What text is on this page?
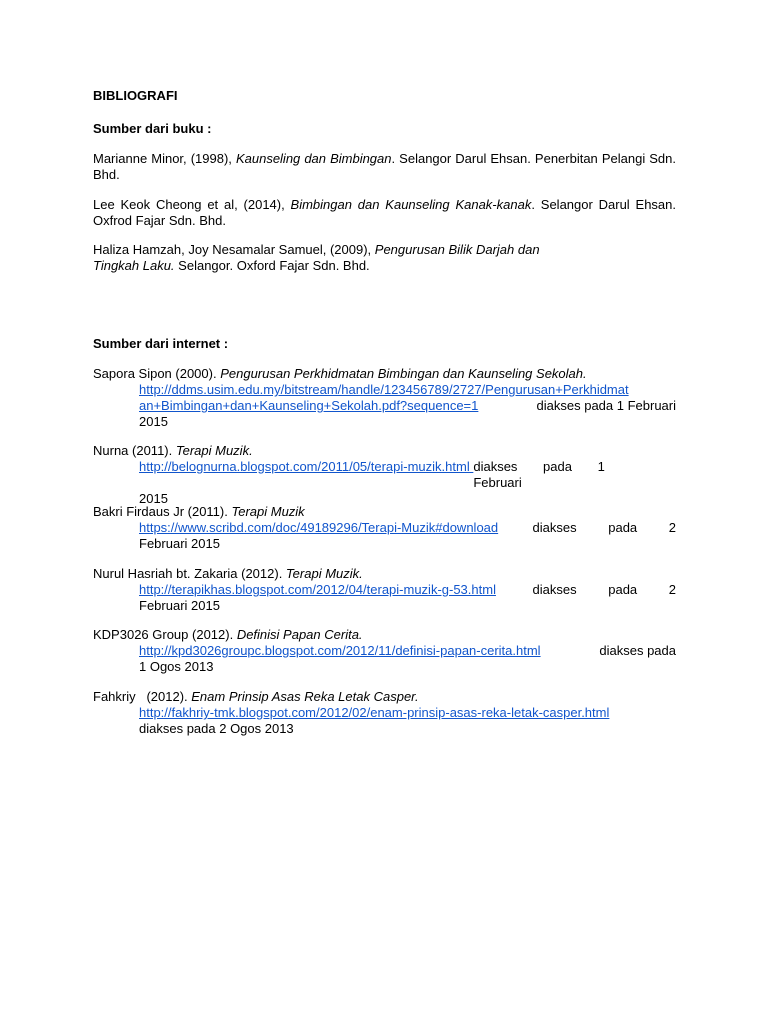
BIBLIOGRAFI
Sumber dari buku :
Marianne Minor, (1998), Kaunseling dan Bimbingan. Selangor Darul Ehsan. Penerbitan Pelangi Sdn. Bhd.
Lee Keok Cheong et al, (2014), Bimbingan dan Kaunseling Kanak-kanak. Selangor Darul Ehsan. Oxfrod Fajar Sdn. Bhd.
Haliza Hamzah, Joy Nesamalar Samuel, (2009), Pengurusan Bilik Darjah dan
Tingkah Laku. Selangor. Oxford Fajar Sdn. Bhd.
Sumber dari internet :
Sapora Sipon (2000). Pengurusan Perkhidmatan Bimbingan dan Kaunseling Sekolah.
http://ddms.usim.edu.my/bitstream/handle/123456789/2727/Pengurusan+Perkhidmat
an+Bimbingan+dan+Kaunseling+Sekolah.pdf?sequence=1	diakses pada 1 Februari
2015
Nurna (2011). Terapi Muzik.
http://belognurna.blogspot.com/2011/05/terapi-muzik.html diakses pada 1 Februari
2015
Bakri Firdaus Jr (2011). Terapi Muzik
https://www.scribd.com/doc/49189296/Terapi-Muzik#download	diakses pada 2
Februari 2015
Nurul Hasriah bt. Zakaria (2012). Terapi Muzik.
http://terapikhas.blogspot.com/2012/04/terapi-muzik-g-53.html	diakses pada 2
Februari 2015
KDP3026 Group (2012). Definisi Papan Cerita.
http://kpd3026groupc.blogspot.com/2012/11/definisi-papan-cerita.html	diakses pada
1 Ogos 2013
Fahkriy   (2012). Enam Prinsip Asas Reka Letak Casper.
http://fakhriy-tmk.blogspot.com/2012/02/enam-prinsip-asas-reka-letak-casper.html
diakses pada 2 Ogos 2013
